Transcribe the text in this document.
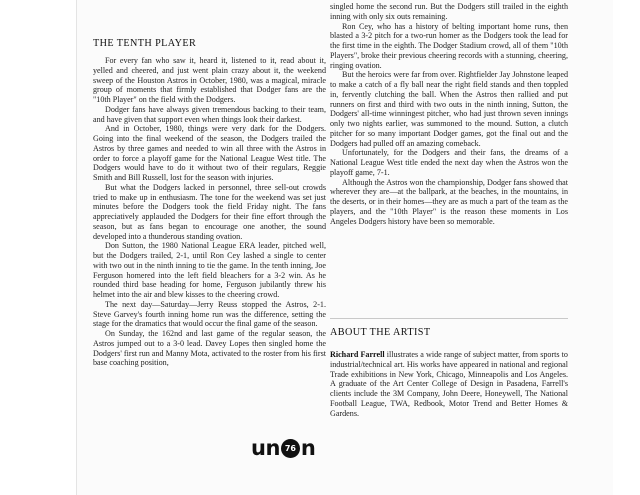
THE TENTH PLAYER

For every fan who saw it, heard it, listened to it, read about it, yelled and cheered, and just went plain crazy about it, the weekend sweep of the Houston Astros in October, 1980, was a magical, miracle group of moments that firmly established that Dodger fans are the "10th Player" on the field with the Dodgers.

Dodger fans have always given tremendous backing to their team, and have given that support even when things look their darkest.

And in October, 1980, things were very dark for the Dodgers. Going into the final weekend of the season, the Dodgers trailed the Astros by three games and needed to win all three with the Astros in order to force a playoff game for the National League West title. The Dodgers would have to do it without two of their regulars, Reggie Smith and Bill Russell, lost for the season with injuries.

But what the Dodgers lacked in personnel, three sell-out crowds tried to make up in enthusiasm. The tone for the weekend was set just minutes before the Dodgers took the field Friday night. The fans appreciatively applauded the Dodgers for their fine effort through the season, but as fans began to encourage one another, the sound developed into a thunderous standing ovation.

Don Sutton, the 1980 National League ERA leader, pitched well, but the Dodgers trailed, 2-1, until Ron Cey lashed a single to center with two out in the ninth inning to tie the game. In the tenth inning, Joe Ferguson homered into the left field bleachers for a 3-2 win. As he rounded third base heading for home, Ferguson jubilantly threw his helmet into the air and blew kisses to the cheering crowd.

The next day—Saturday—Jerry Reuss stopped the Astros, 2-1. Steve Garvey's fourth inning home run was the difference, setting the stage for the dramatics that would occur the final game of the season.

On Sunday, the 162nd and last game of the regular season, the Astros jumped out to a 3-0 lead. Davey Lopes then singled home the Dodgers' first run and Manny Mota, activated to the roster from his first base coaching position,

singled home the second run. But the Dodgers still trailed in the eighth inning with only six outs remaining.

Ron Cey, who has a history of belting important home runs, then blasted a 3-2 pitch for a two-run homer as the Dodgers took the lead for the first time in the eighth. The Dodger Stadium crowd, all of them "10th Players", broke their previous cheering records with a stunning, cheering, ringing ovation.

But the heroics were far from over. Rightfielder Jay Johnstone leaped to make a catch of a fly ball near the right field stands and then toppled in, fervently clutching the ball. When the Astros then rallied and put runners on first and third with two outs in the ninth inning, Sutton, the Dodgers' all-time winningest pitcher, who had just thrown seven innings only two nights earlier, was summoned to the mound. Sutton, a clutch pitcher for so many important Dodger games, got the final out and the Dodgers had pulled off an amazing comeback.

Unfortunately, for the Dodgers and their fans, the dreams of a National League West title ended the next day when the Astros won the playoff game, 7-1.

Although the Astros won the championship, Dodger fans showed that wherever they are—at the ballpark, at the beaches, in the mountains, in the deserts, or in their homes—they are as much a part of the team as the players, and the "10th Player" is the reason these moments in Los Angeles Dodgers history have been so memorable.

ABOUT THE ARTIST

Richard Farrell illustrates a wide range of subject matter, from sports to industrial/technical art. His works have appeared in national and regional Trade exhibitions in New York, Chicago, Minneapolis and Los Angeles. A graduate of the Art Center College of Design in Pasadena, Farrell's clients include the 3M Company, John Deere, Honeywell, The National Football League, TWA, Redbook, Motor Trend and Better Homes & Gardens.

un 76 n
